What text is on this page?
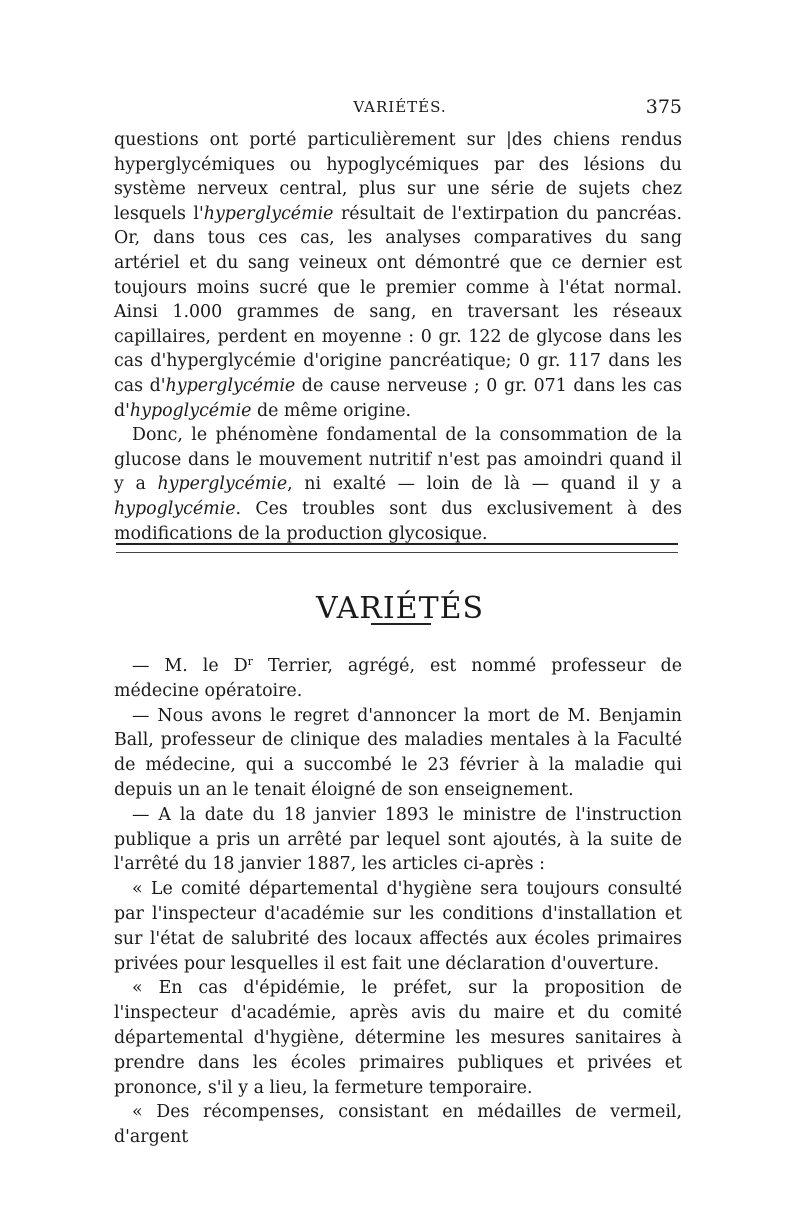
VARIÉTÉS.	375

questions ont porté particulièrement sur |des chiens rendus hyperglycémiques ou hypoglycémiques par des lésions du système nerveux central, plus sur une série de sujets chez lesquels l'hyperglycémie résultait de l'extirpation du pancréas. Or, dans tous ces cas, les analyses comparatives du sang artériel et du sang veineux ont démontré que ce dernier est toujours moins sucré que le premier comme à l'état normal. Ainsi 1.000 grammes de sang, en traversant les réseaux capillaires, perdent en moyenne : 0 gr. 122 de glycose dans les cas d'hyperglycémie d'origine pancréatique; 0 gr. 117 dans les cas d'hyperglycémie de cause nerveuse ; 0 gr. 071 dans les cas d'hypoglycémie de même origine.

Donc, le phénomène fondamental de la consommation de la glucose dans le mouvement nutritif n'est pas amoindri quand il y a hyperglycémie, ni exalté — loin de là — quand il y a hypoglycémie. Ces troubles sont dus exclusivement à des modifications de la production glycosique.

VARIÉTÉS

— M. le $D^r$ Terrier, agrégé, est nommé professeur de médecine opératoire.

— Nous avons le regret d'annoncer la mort de M. Benjamin Ball, professeur de clinique des maladies mentales à la Faculté de médecine, qui a succombé le 23 février à la maladie qui depuis un an le tenait éloigné de son enseignement.

— A la date du 18 janvier 1893 le ministre de l'instruction publique a pris un arrêté par lequel sont ajoutés, à la suite de l'arrêté du 18 janvier 1887, les articles ci-après :

« Le comité départemental d'hygiène sera toujours consulté par l'inspecteur d'académie sur les conditions d'installation et sur l'état de salubrité des locaux affectés aux écoles primaires privées pour lesquelles il est fait une déclaration d'ouverture.

« En cas d'épidémie, le préfet, sur la proposition de l'inspecteur d'académie, après avis du maire et du comité départemental d'hygiène, détermine les mesures sanitaires à prendre dans les écoles primaires publiques et privées et prononce, s'il y a lieu, la fermeture temporaire.

« Des récompenses, consistant en médailles de vermeil, d'argent
